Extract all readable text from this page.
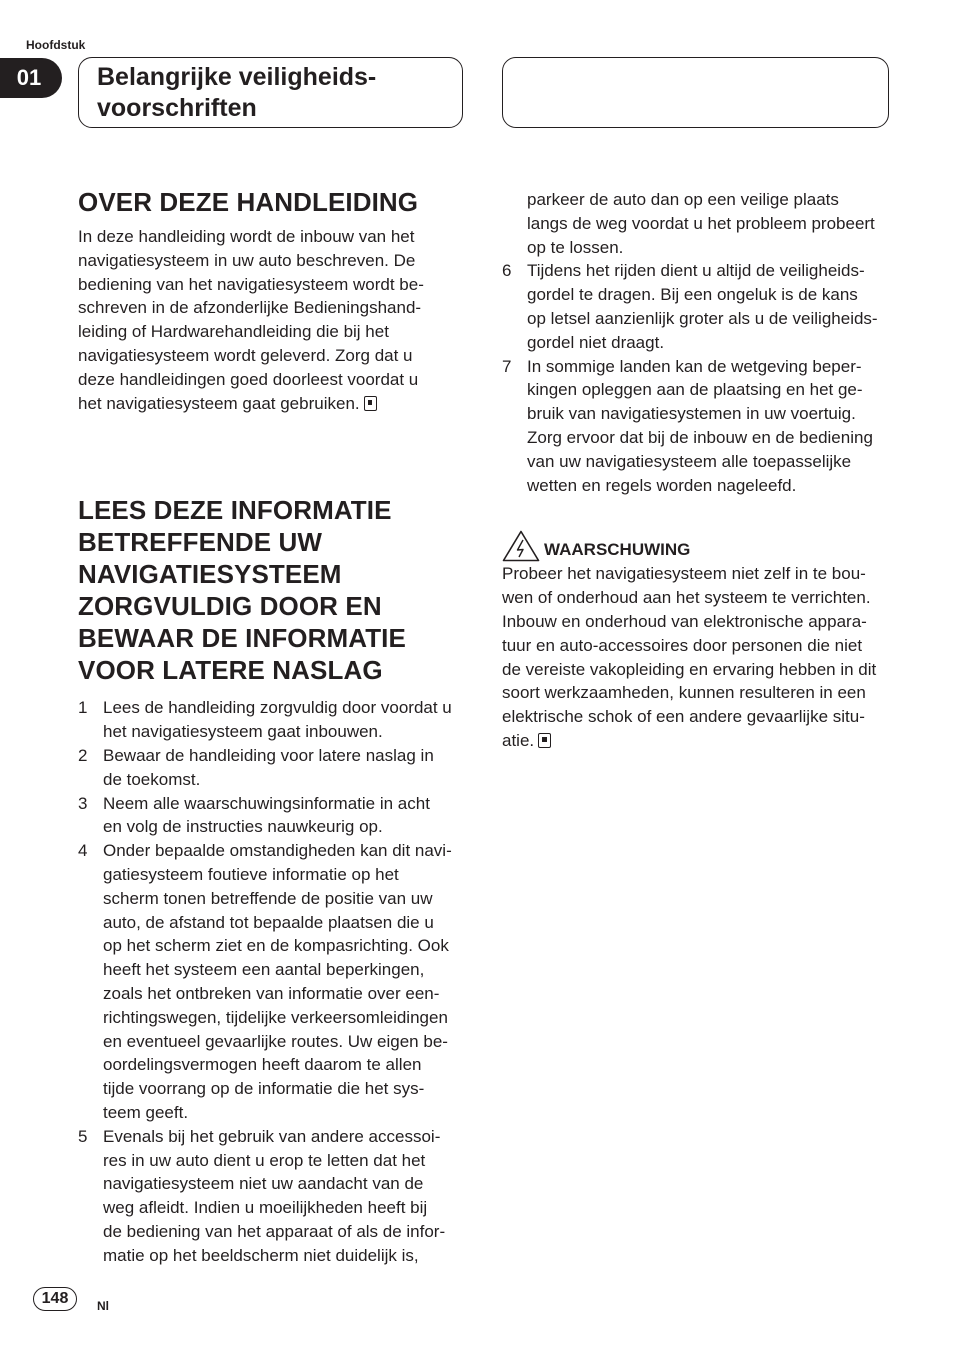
Hoofdstuk
01	Belangrijke veiligheids-
voorschriften
OVER DEZE HANDLEIDING

In deze handleiding wordt de inbouw van het
navigatiesysteem in uw auto beschreven. De
bediening van het navigatiesysteem wordt be-
schreven in de afzonderlijke Bedieningshand-
leiding of Hardwarehandleiding die bij het
navigatiesysteem wordt geleverd. Zorg dat u
deze handleidingen goed doorleest voordat u
het navigatiesysteem gaat gebruiken.

LEES DEZE INFORMATIE
BETREFFENDE UW
NAVIGATIESYSTEEM
ZORGVULDIG DOOR EN
BEWAAR DE INFORMATIE
VOOR LATERE NASLAG
1 Lees de handleiding zorgvuldig door voordat u
het navigatiesysteem gaat inbouwen.
2 Bewaar de handleiding voor latere naslag in
de toekomst.
3 Neem alle waarschuwingsinformatie in acht
en volg de instructies nauwkeurig op.
4 Onder bepaalde omstandigheden kan dit navi-
gatiesysteem foutieve informatie op het
scherm tonen betreffende de positie van uw
auto, de afstand tot bepaalde plaatsen die u
op het scherm ziet en de kompasrichting. Ook
heeft het systeem een aantal beperkingen,
zoals het ontbreken van informatie over een-
richtingswegen, tijdelijke verkeersomleidingen
en eventueel gevaarlijke routes. Uw eigen be-
oordelingsvermogen heeft daarom te allen
tijde voorrang op de informatie die het sys-
teem geeft.
5 Evenals bij het gebruik van andere accessoi-
res in uw auto dient u erop te letten dat het
navigatiesysteem niet uw aandacht van de
weg afleidt. Indien u moeilijkheden heeft bij
de bediening van het apparaat of als de infor-
matie op het beeldscherm niet duidelijk is,
parkeer de auto dan op een veilige plaats
langs de weg voordat u het probleem probeert
op te lossen.
6 Tijdens het rijden dient u altijd de veiligheids-
gordel te dragen. Bij een ongeluk is de kans
op letsel aanzienlijk groter als u de veiligheids-
gordel niet draagt.
7 In sommige landen kan de wetgeving beper-
kingen opleggen aan de plaatsing en het ge-
bruik van navigatiesystemen in uw voertuig.
Zorg ervoor dat bij de inbouw en de bediening
van uw navigatiesysteem alle toepasselijke
wetten en regels worden nageleefd.
WAARSCHUWING

Probeer het navigatiesysteem niet zelf in te bou-
wen of onderhoud aan het systeem te verrichten.
Inbouw en onderhoud van elektronische appara-
tuur en auto-accessoires door personen die niet
de vereiste vakopleiding en ervaring hebben in dit
soort werkzaamheden, kunnen resulteren in een
elektrische schok of een andere gevaarlijke situ-
atie.

148	Nl
